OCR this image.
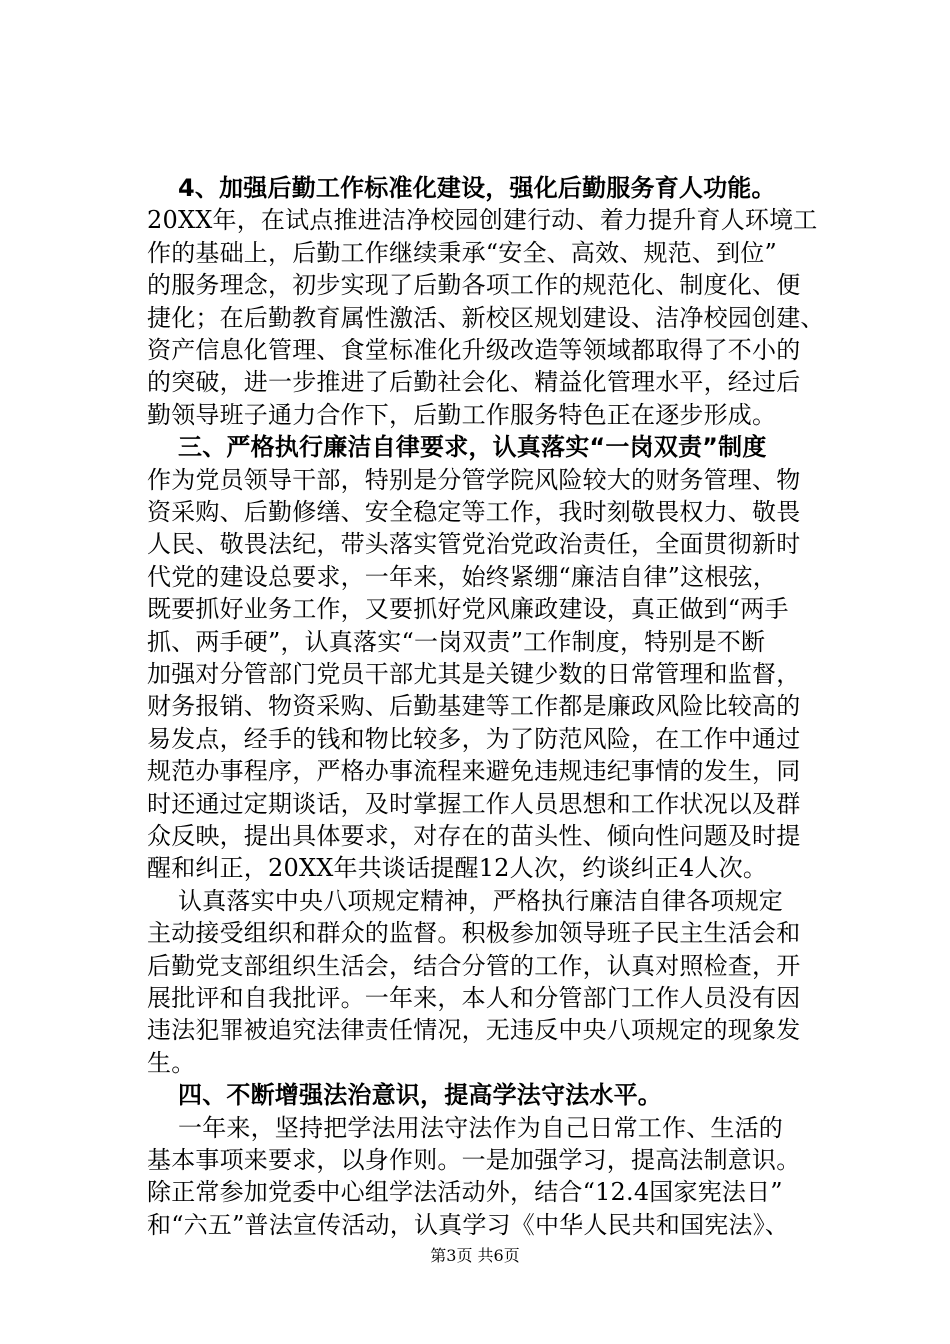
4、加强后勤工作标准化建设，强化后勤服务育人功能。
20XX年，在试点推进洁净校园创建行动、着力提升育人环境工
作的基础上，后勤工作继续秉承“安全、高效、规范、到位”
的服务理念，初步实现了后勤各项工作的规范化、制度化、便
捷化；在后勤教育属性激活、新校区规划建设、洁净校园创建、
资产信息化管理、食堂标准化升级改造等领域都取得了不小的
的突破，进一步推进了后勤社会化、精益化管理水平，经过后
勤领导班子通力合作下，后勤工作服务特色正在逐步形成。
三、严格执行廉洁自律要求，认真落实“一岗双责”制度
作为党员领导干部，特别是分管学院风险较大的财务管理、物
资采购、后勤修缮、安全稳定等工作，我时刻敬畏权力、敬畏
人民、敬畏法纪，带头落实管党治党政治责任，全面贯彻新时
代党的建设总要求，一年来，始终紧绷“廉洁自律”这根弦，
既要抓好业务工作，又要抓好党风廉政建设，真正做到“两手
抓、两手硬”，认真落实“一岗双责”工作制度，特别是不断
加强对分管部门党员干部尤其是关键少数的日常管理和监督，
财务报销、物资采购、后勤基建等工作都是廉政风险比较高的
易发点，经手的钱和物比较多，为了防范风险，在工作中通过
规范办事程序，严格办事流程来避免违规违纪事情的发生，同
时还通过定期谈话，及时掌握工作人员思想和工作状况以及群
众反映，提出具体要求，对存在的苗头性、倾向性问题及时提
醒和纠正，20XX年共谈话提醒12人次，约谈纠正4人次。
认真落实中央八项规定精神，严格执行廉洁自律各项规定
主动接受组织和群众的监督。积极参加领导班子民主生活会和
后勤党支部组织生活会，结合分管的工作，认真对照检查，开
展批评和自我批评。一年来，本人和分管部门工作人员没有因
违法犯罪被追究法律责任情况，无违反中央八项规定的现象发
生。
四、不断增强法治意识，提高学法守法水平。
一年来，坚持把学法用法守法作为自己日常工作、生活的
基本事项来要求，以身作则。一是加强学习，提高法制意识。
除正常参加党委中心组学法活动外，结合“12.4国家宪法日”
和“六五”普法宣传活动，认真学习《中华人民共和国宪法》、
第3页 共6页
